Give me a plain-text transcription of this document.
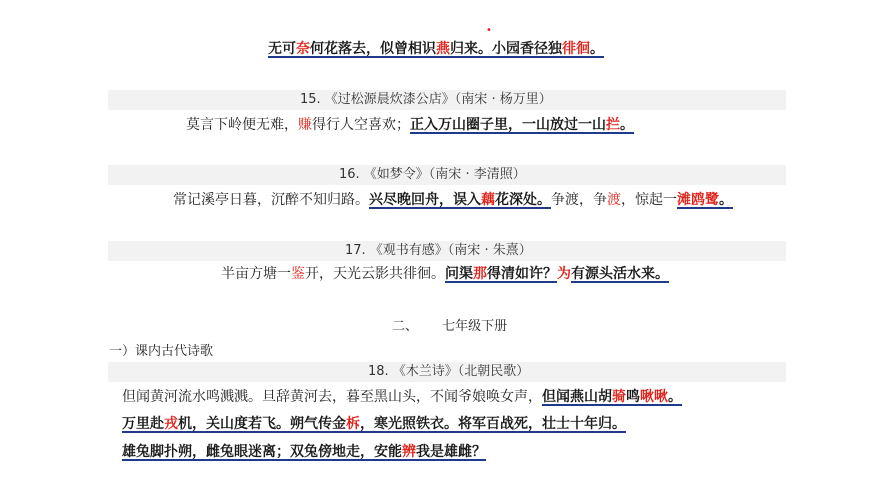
无可奈何花落去，似曾相识燕归来。小园香径独徘徊。
15. 《过松源晨炊漆公店》（南宋 · 杨万里）
莫言下岭便无难，赚得行人空喜欢；正入万山圈子里，一山放过一山拦。
16. 《如梦令》（南宋 · 李清照）
常记溪亭日暮，沉醉不知归路。兴尽晚回舟，误入藕花深处。争渡，争渡，惊起一滩鸥鹭。
17. 《观书有感》（南宋 · 朱熹）
半亩方塘一鉴开，天光云影共徘徊。问渠那得清如许？为有源头活水来。
二、 七年级下册
一）课内古代诗歌
18. 《木兰诗》（北朝民歌）
但闻黄河流水鸣溅溅。旦辞黄河去，暮至黑山头，不闻爷娘唤女声，但闻燕山胡骑鸣啾啾。
万里赴戎机，关山度若飞。朔气传金柝，寒光照铁衣。将军百战死，壮士十年归。
雄兔脚扑朔，雌兔眼迷离；双兔傍地走，安能辨我是雄雌？
•
